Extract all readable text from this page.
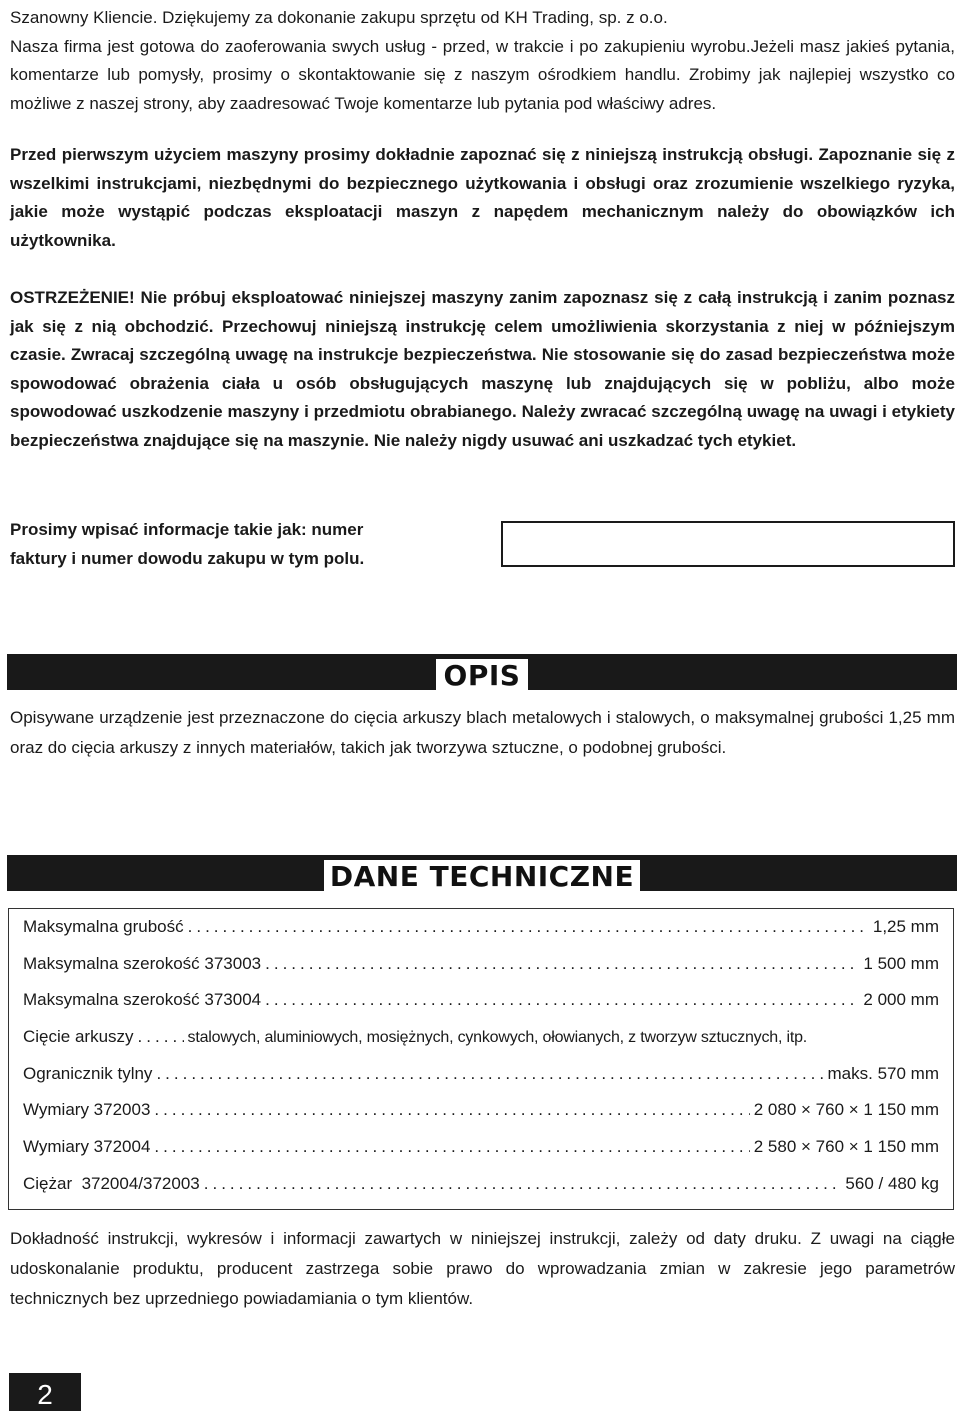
Szanowny Kliencie. Dziękujemy za dokonanie zakupu sprzętu od KH Trading, sp. z o.o.

Nasza firma jest gotowa do zaoferowania swych usług - przed, w trakcie i po zakupieniu wyrobu.Jeżeli masz jakieś pytania, komentarze lub pomysły, prosimy o skontaktowanie się z naszym ośrodkiem handlu. Zrobimy jak najlepiej wszystko co możliwe z naszej strony, aby zaadresować Twoje komentarze lub pytania pod właściwy adres.

Przed pierwszym użyciem maszyny prosimy dokładnie zapoznać się z niniejszą instrukcją obsługi. Zapoznanie się z wszelkimi instrukcjami, niezbędnymi do bezpiecznego użytkowania i obsługi oraz zrozumienie wszelkiego ryzyka, jakie może wystąpić podczas eksploatacji maszyn z napędem mechanicznym należy do obowiązków ich użytkownika.
OSTRZEŻENIE! Nie próbuj eksploatować niniejszej maszyny zanim zapoznasz się z całą instrukcją i zanim poznasz jak się z nią obchodzić. Przechowuj niniejszą instrukcję celem umożliwienia skorzystania z niej w późniejszym czasie. Zwracaj szczególną uwagę na instrukcje bezpieczeństwa. Nie stosowanie się do zasad bezpieczeństwa może spowodować obrażenia ciała u osób obsługujących maszynę lub znajdujących się w pobliżu, albo może spowodować uszkodzenie maszyny i przedmiotu obrabianego. Należy zwracać szczególną uwagę na uwagi i etykiety bezpieczeństwa znajdujące się na maszynie. Nie należy nigdy usuwać ani uszkadzać tych etykiet.
Prosimy wpisać informacje takie jak: numer
faktury i numer dowodu zakupu w tym polu.
OPIS
Opisywane urządzenie jest przeznaczone do cięcia arkuszy blach metalowych i stalowych, o maksymalnej grubości 1,25 mm oraz do cięcia arkuszy z innych materiałów, takich jak tworzywa sztuczne, o podobnej grubości.
DANE TECHNICZNE
Maksymalna grubość .....	1,25 mm
Maksymalna szerokość 373003 .....	1 500 mm
Maksymalna szerokość 373004 .....	2 000 mm
Cięcie arkuszy .....	stalowych, aluminiowych, mosiężnych, cynkowych, ołowianych, z tworzyw sztucznych, itp.
Ogranicznik tylny .....	maks. 570 mm
Wymiary 372003 .....	2 080 × 760 × 1 150 mm
Wymiary 372004 .....	2 580 × 760 × 1 150 mm
Ciężar  372004/372003 .....	560 / 480 kg
Dokładność instrukcji, wykresów i informacji zawartych w niniejszej instrukcji, zależy od daty druku. Z uwagi na ciągłe udoskonalanie produktu, producent zastrzega sobie prawo do wprowadzania zmian w zakresie jego parametrów technicznych bez uprzedniego powiadamiania o tym klientów.
2
